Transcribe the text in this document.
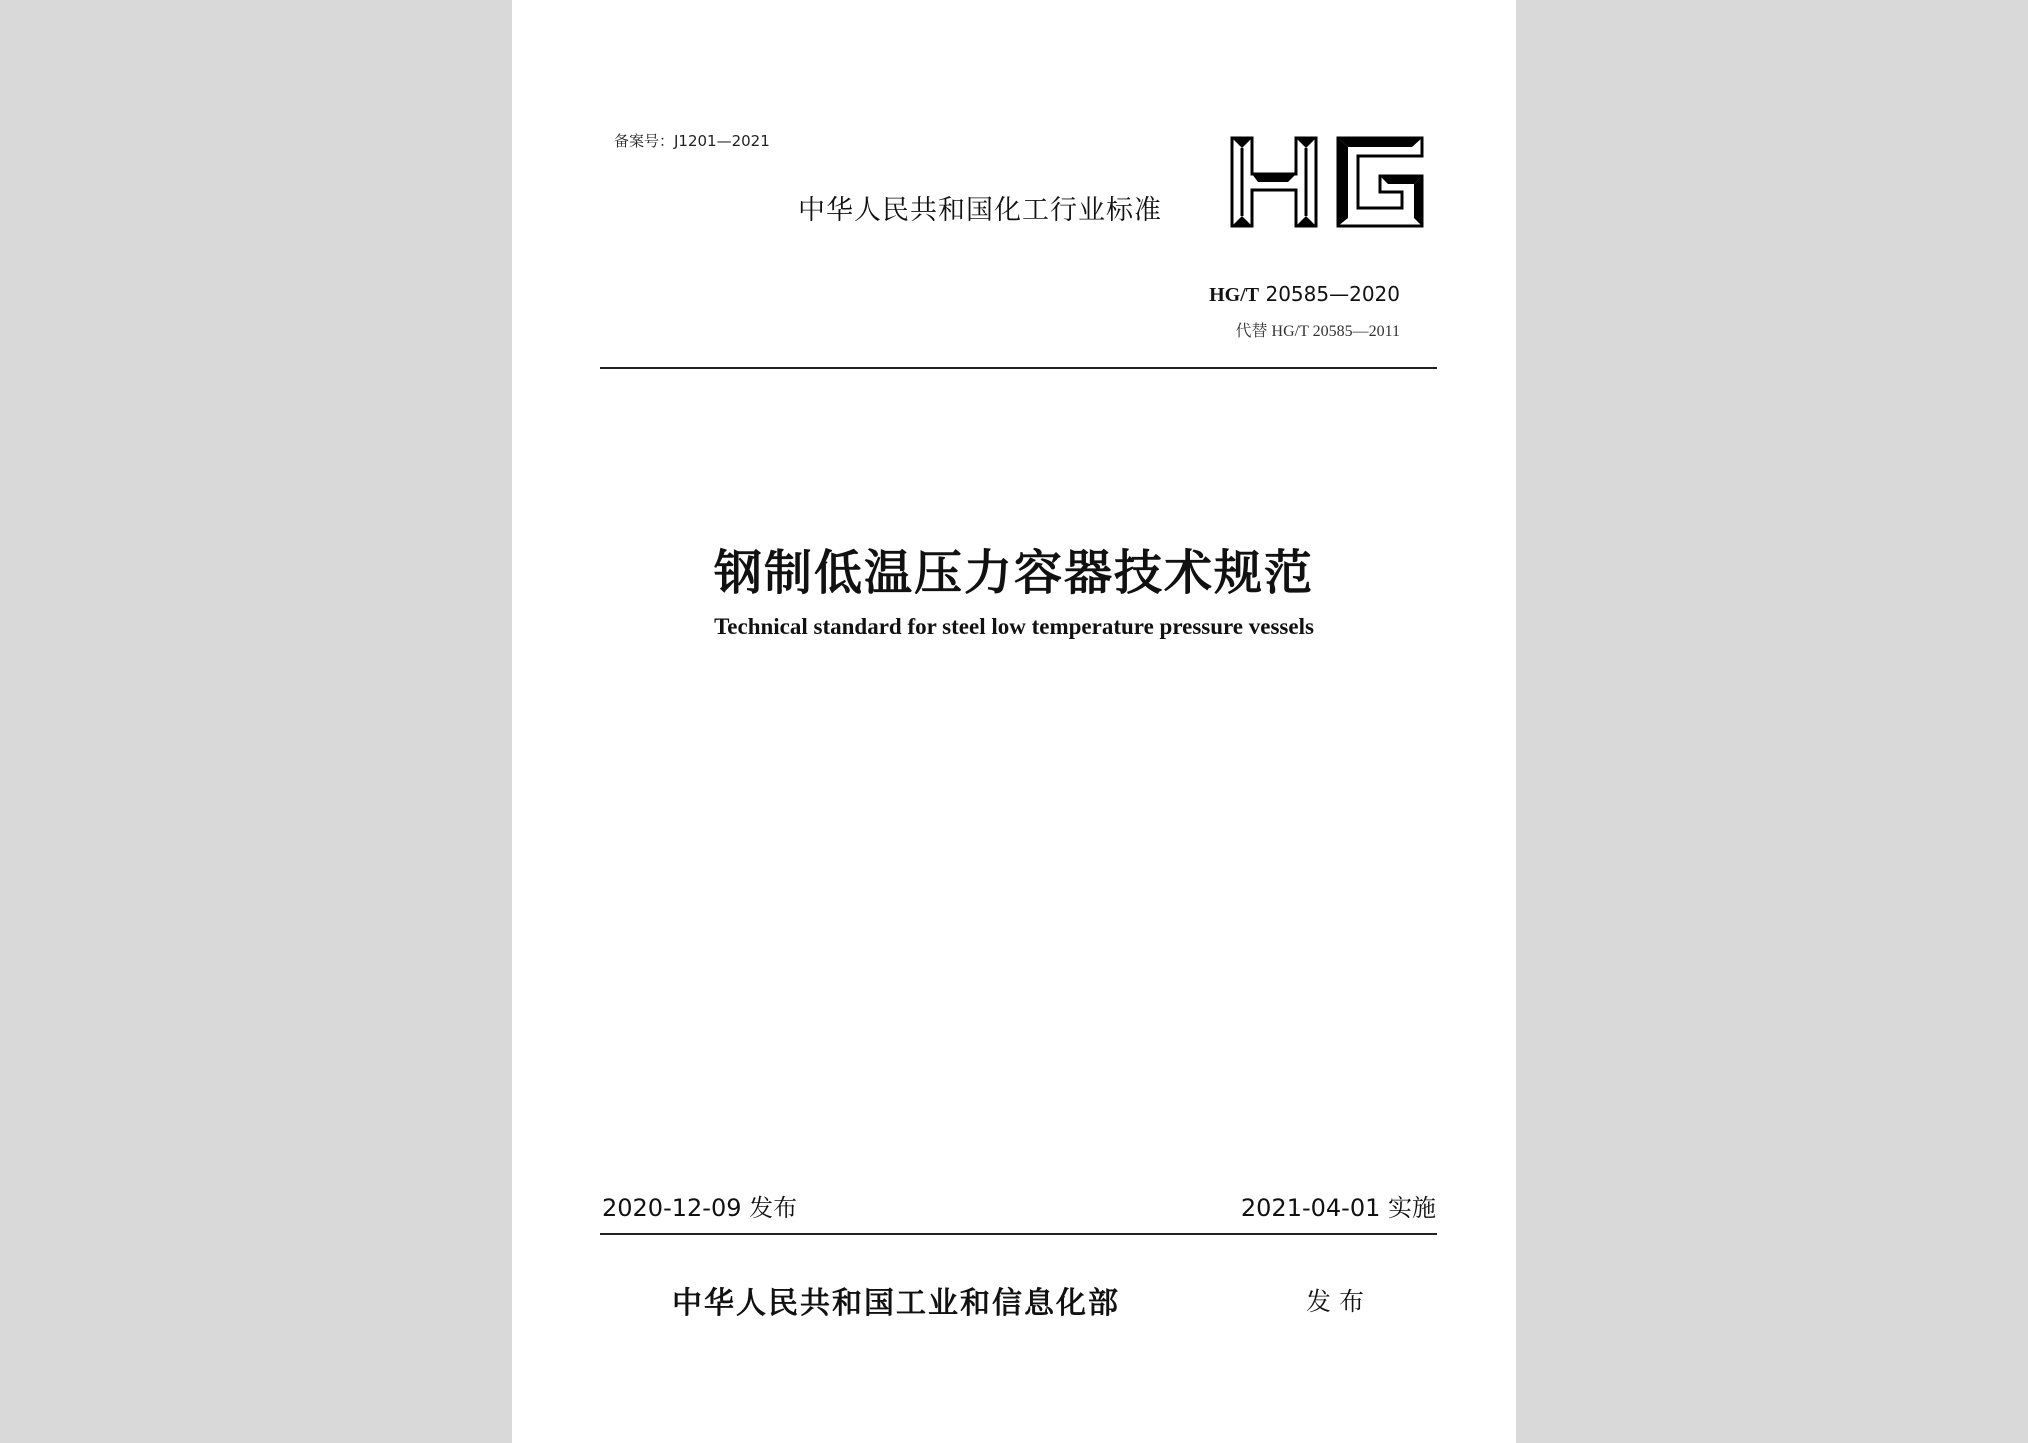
备案号：J1201—2021
中华人民共和国化工行业标准
HG/T 20585—2020
代替 HG/T 20585—2011
钢制低温压力容器技术规范
Technical standard for steel low temperature pressure vessels
2020-12-09 发布	2021-04-01 实施
中华人民共和国工业和信息化部	发布
